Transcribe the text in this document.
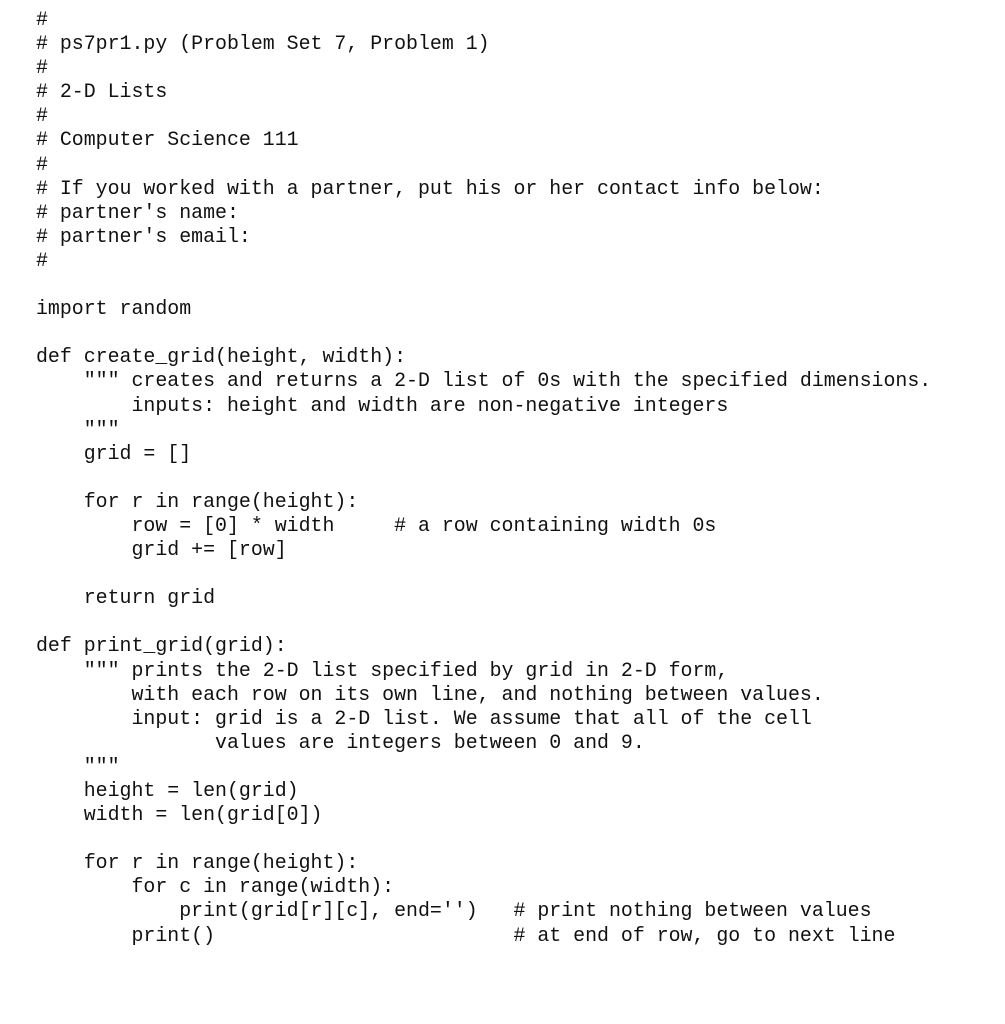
#
# ps7pr1.py (Problem Set 7, Problem 1)
#
# 2-D Lists
#
# Computer Science 111
#
# If you worked with a partner, put his or her contact info below:
# partner's name:
# partner's email:
#
import random
def create_grid(height, width):
""" creates and returns a 2-D list of 0s with the specified dimensions.
inputs: height and width are non-negative integers
"""
grid = []
for r in range(height):
row = [0] * width     # a row containing width 0s
grid += [row]
return grid
def print_grid(grid):
""" prints the 2-D list specified by grid in 2-D form,
with each row on its own line, and nothing between values.
input: grid is a 2-D list. We assume that all of the cell
values are integers between 0 and 9.
"""
height = len(grid)
width = len(grid[0])
for r in range(height):
for c in range(width):
print(grid[r][c], end='')   # print nothing between values
print()                         # at end of row, go to next line
